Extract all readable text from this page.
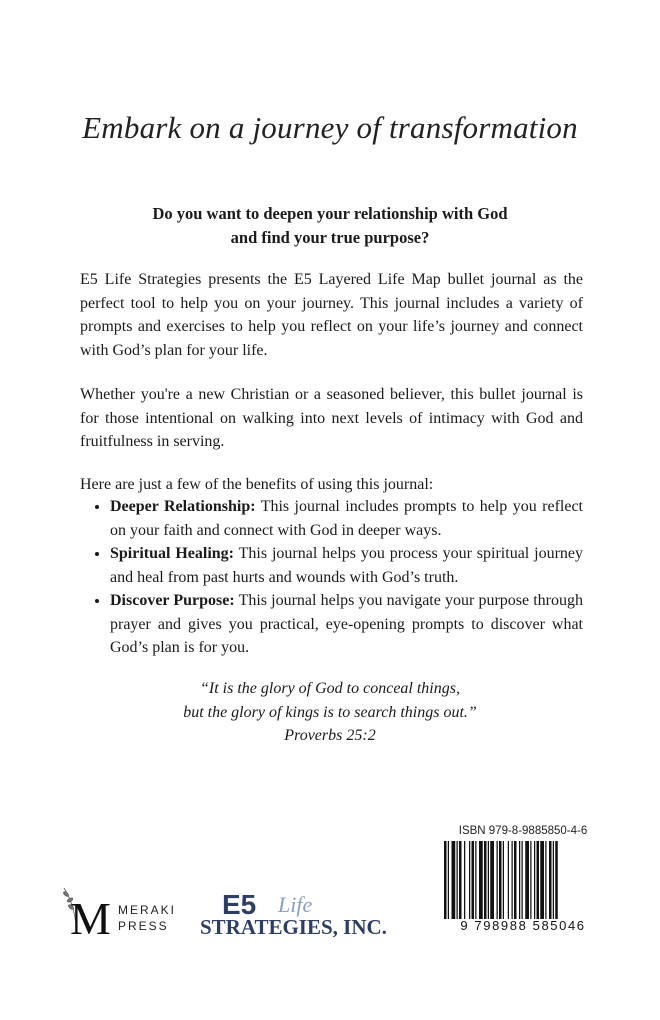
Embark on a journey of transformation
Do you want to deepen your relationship with God
and find your true purpose?
E5 Life Strategies presents the E5 Layered Life Map bullet journal as the perfect tool to help you on your journey. This journal includes a variety of prompts and exercises to help you reflect on your life’s journey and connect with God’s plan for your life.
Whether you're a new Christian or a seasoned believer, this bullet journal is for those intentional on walking into next levels of intimacy with God and fruitfulness in serving.
Here are just a few of the benefits of using this journal:
• Deeper Relationship: This journal includes prompts to help you reflect on your faith and connect with God in deeper ways.
• Spiritual Healing: This journal helps you process your spiritual journey and heal from past hurts and wounds with God’s truth.
• Discover Purpose: This journal helps you navigate your purpose through prayer and gives you practical, eye-opening prompts to discover what God’s plan is for you.
“It is the glory of God to conceal things,
but the glory of kings is to search things out.”
Proverbs 25:2
M MERAKI
PRESS
E5 Life
STRATEGIES, INC.
ISBN 979-8-9885850-4-6
9 798988 585046
